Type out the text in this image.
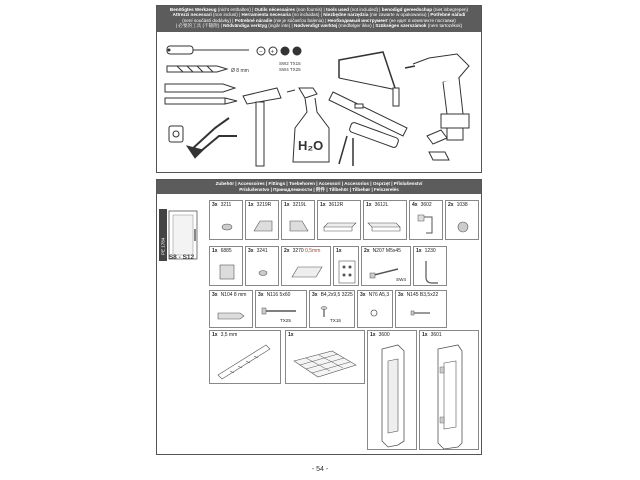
Benötigtes Werkzeug (nicht enthalten) | Outils nécessaires (non fournis) | tools used (not included) | benodigd gereedschap (niet inbegrepen)
Attrezzi necessari (non inclusi) | Herramienta necesaria (no incluidas) | Niezbędne narzędzia (nie zawarte w opakowaniu) | Potřebné nářadí
(není součástí dodávky) | Potrebné náradie (nie je súčasťou balenia) | Необходимый инструмент (не идет в комплекте поставки)
| 必要的工具 (不随附) | Nödvändiga verktyg (ingår inte) | Nødvendigt værktøj (medfølger ikke) | Szükséges szerszámok (nem tartozékok)
− +
SW2 TX15
SW4 TX25
Ø 8 mm
H₂O
Zubehör | Accessoires | Fittings | Toebehoren | Accessori | Accesorios | Osprzęt | Příslušenství
Príslušenstvo | Принадлежности | 附件 | Tillbehör | Tilbehør | Felszerelés
PE 1784
S8 - S12
3x 3211	1x 3219R	1x 3219L	1x 3612R	1x 3612L	4x 3602	2x 1038
1x 6885	3x 3241	2x 3270 0,5mm	1x	2x N207 M5x45
SW4
1x 1230
3x N104 8 mm 3x N116 5x60
TX25
3x B4,2x9,5 3225
TX15
3x N76 A5,3 3x N145 B3,5x22
1x 3,5 mm	1x	1x 3600	1x 3601
- 54 -
